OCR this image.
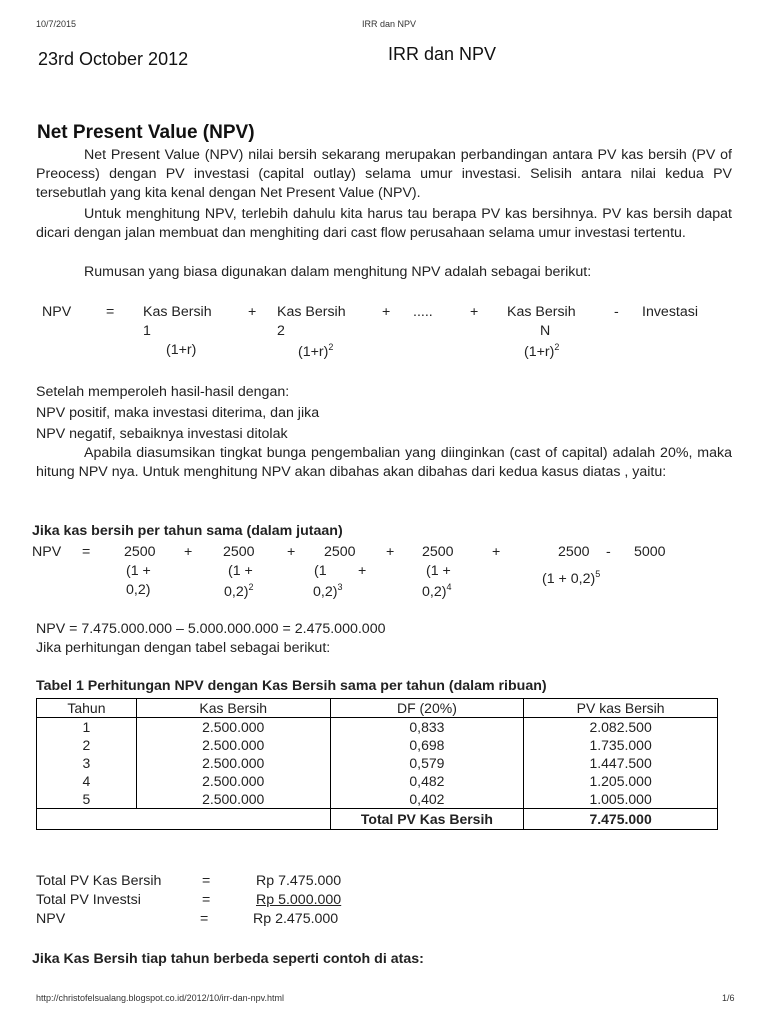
10/7/2015	IRR dan NPV
23rd October 2012	IRR dan NPV
Net Present Value (NPV)
Net Present Value (NPV) nilai bersih sekarang merupakan perbandingan antara PV kas bersih (PV of Preocess) dengan PV investasi (capital outlay) selama umur investasi. Selisih antara nilai kedua PV tersebutlah yang kita kenal dengan Net Present Value (NPV).
Untuk menghitung NPV, terlebih dahulu kita harus tau berapa PV kas bersihnya. PV kas bersih dapat dicari dengan jalan membuat dan menghiting dari cast flow perusahaan selama umur investasi tertentu.
Rumusan yang biasa digunakan dalam menghitung NPV adalah sebagai berikut:
NPV = Kas Bersih
1
(1+r)
+ Kas Bersih
2
$(1+r)^2$
+ .....	+ Kas Bersih
N
$(1+r)^2$
- Investasi
Setelah memperoleh hasil-hasil dengan:
NPV positif, maka investasi diterima, dan jika
NPV negatif, sebaiknya investasi ditolak
Apabila diasumsikan tingkat bunga pengembalian yang diinginkan (cast of capital) adalah 20%, maka hitung NPV nya. Untuk menghitung NPV akan dibahas akan dibahas dari kedua kasus diatas , yaitu:
Jika kas bersih per tahun sama (dalam jutaan)
NPV = 2500 + 2500 + 2500 + 2500	+	2500 - 5000
(1 +
0,2)
(1 +
0,2)$^2$
(1 +
0,2)$^3$
(1 +
0,2)$^4$	$(1 + 0,2)^5$
NPV = 7.475.000.000 – 5.000.000.000 = 2.475.000.000
Jika perhitungan dengan tabel sebagai berikut:
Tabel 1 Perhitungan NPV dengan Kas Bersih sama per tahun (dalam ribuan)
Tahun	Kas Bersih	DF (20%)	PV kas Bersih
1	2.500.000	0,833	2.082.500
2	2.500.000	0,698	1.735.000
3	2.500.000	0,579	1.447.500
4	2.500.000	0,482	1.205.000
5	2.500.000	0,402	1.005.000
		Total PV Kas Bersih	7.475.000
Total PV Kas Bersih	=	Rp 7.475.000
Total PV Investsi	=	Rp 5.000.000
NPV	=	Rp 2.475.000
Jika Kas Bersih tiap tahun berbeda seperti contoh di atas:
http://christofelsualang.blogspot.co.id/2012/10/irr-dan-npv.html	1/6
